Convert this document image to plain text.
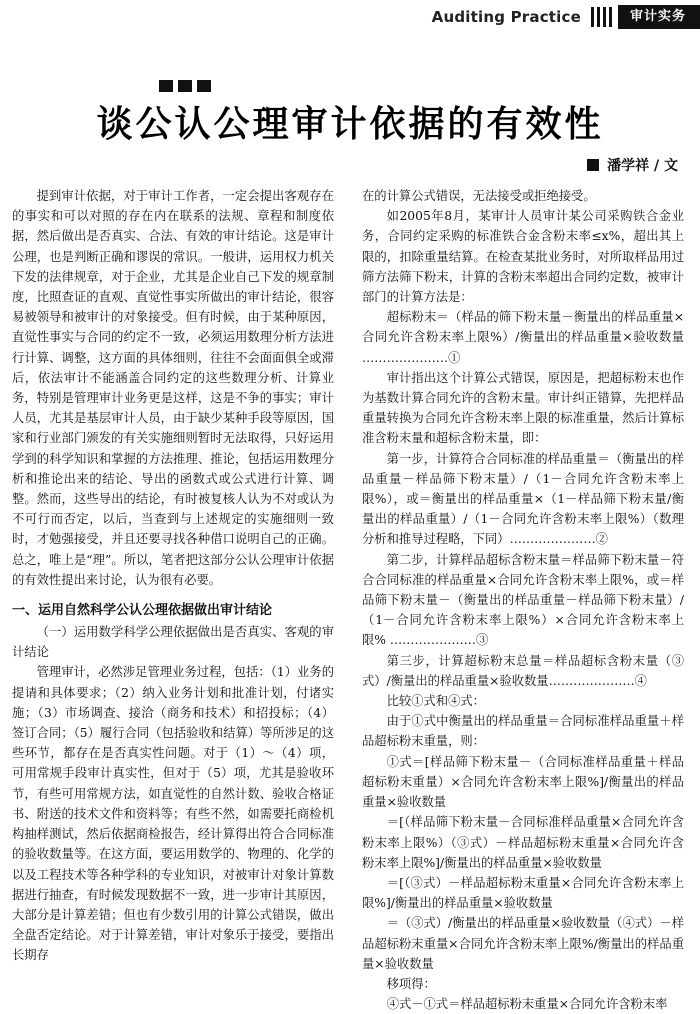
Auditing Practice	审计实务
谈公认公理审计依据的有效性
潘学祥 / 文

提到审计依据，对于审计工作者，一定会提出客观存在的事实和可以对照的存在内在联系的法规、章程和制度依据，然后做出是否真实、合法、有效的审计结论。这是审计公理，也是判断正确和谬误的常识。一般讲，运用权力机关下发的法律规章，对于企业，尤其是企业自己下发的规章制度，比照查证的直观、直觉性事实所做出的审计结论，很容易被领导和被审计的对象接受。但有时候，由于某种原因，直觉性事实与合同的约定不一致，必须运用数理分析方法进行计算、调整，这方面的具体细则，往往不会面面俱全或滞后，依法审计不能涵盖合同约定的这些数理分析、计算业务，特别是管理审计业务更是这样，这是不争的事实；审计人员，尤其是基层审计人员，由于缺少某种手段等原因，国家和行业部门颁发的有关实施细则暂时无法取得，只好运用学到的科学知识和掌握的方法推理、推论，包括运用数理分析和推论出来的结论、导出的函数式或公式进行计算、调整。然而，这些导出的结论，有时被复核人认为不对或认为不可行而否定，以后，当查到与上述规定的实施细则一致时，才勉强接受，并且还要寻找各种借口说明自己的正确。总之，唯上是“理”。所以，笔者把这部分公认公理审计依据的有效性提出来讨论，认为很有必要。

一、运用自然科学公认公理依据做出审计结论
（一）运用数学科学公理依据做出是否真实、客观的审计结论

管理审计，必然涉足管理业务过程，包括：（1）业务的提请和具体要求；（2）纳入业务计划和批准计划，付诸实施；（3）市场调查、接洽（商务和技术）和招投标；（4）签订合同；（5）履行合同（包括验收和结算）等所涉足的这些环节，都存在是否真实性问题。对于（1）～（4）项，可用常规手段审计真实性，但对于（5）项，尤其是验收环节，有些可用常规方法，如直觉性的自然计数、验收合格证书、附送的技术文件和资料等；有些不然，如需要托商检机构抽样测试，然后依据商检报告，经计算得出符合合同标准的验收数量等。在这方面，要运用数学的、物理的、化学的以及工程技术等各种学科的专业知识，对被审计对象计算数据进行抽查，有时候发现数据不一致，进一步审计其原因，大部分是计算差错；但也有少数引用的计算公式错误，做出全盘否定结论。对于计算差错，审计对象乐于接受，要指出长期存

在的计算公式错误，无法接受或拒绝接受。

如2005年8月，某审计人员审计某公司采购铁合金业务，合同约定采购的标准铁合金含粉末率≤x%，超出其上限的，扣除重量结算。在检查某批业务时，对所取样品用过筛方法筛下粉末，计算的含粉末率超出合同约定数，被审计部门的计算方法是：

超标粉末＝（样品的筛下粉末量－衡量出的样品重量×合同允许含粉末率上限%）/衡量出的样品重量×验收数量 …………………①

审计指出这个计算公式错误，原因是，把超标粉末也作为基数计算合同允许的含粉末量。审计纠正错算，先把样品重量转换为合同允许含粉末率上限的标准重量，然后计算标准含粉末量和超标含粉末量，即：

第一步，计算符合合同标准的样品重量＝（衡量出的样品重量－样品筛下粉末量）/（1－合同允许含粉末率上限%），或＝衡量出的样品重量×（1－样品筛下粉末量/衡量出的样品重量）/（1－合同允许含粉末率上限%）（数理分析和推导过程略，下同）…………………②

第二步，计算样品超标含粉末量＝样品筛下粉末量－符合合同标准的样品重量×合同允许含粉末率上限%，或＝样品筛下粉末量－（衡量出的样品重量－样品筛下粉末量）/（1－合同允许含粉末率上限%）×合同允许含粉末率上限% …………………③

第三步，计算超标粉末总量＝样品超标含粉末量（③式）/衡量出的样品重量×验收数量…………………④

比较①式和④式：

由于①式中衡量出的样品重量＝合同标准样品重量＋样品超标粉末重量，则：

①式＝[样品筛下粉末量－（合同标准样品重量＋样品超标粉末重量）×合同允许含粉末率上限%]/衡量出的样品重量×验收数量

＝[（样品筛下粉末量－合同标准样品重量×合同允许含粉末率上限%）（③式）－样品超标粉末重量×合同允许含粉末率上限%]/衡量出的样品重量×验收数量

＝[（③式）－样品超标粉末重量×合同允许含粉末率上限%]/衡量出的样品重量×验收数量

＝（③式）/衡量出的样品重量×验收数量（④式）－样品超标粉末重量×合同允许含粉末率上限%/衡量出的样品重量×验收数量

移项得：

④式－①式＝样品超标粉末重量×合同允许含粉末率
